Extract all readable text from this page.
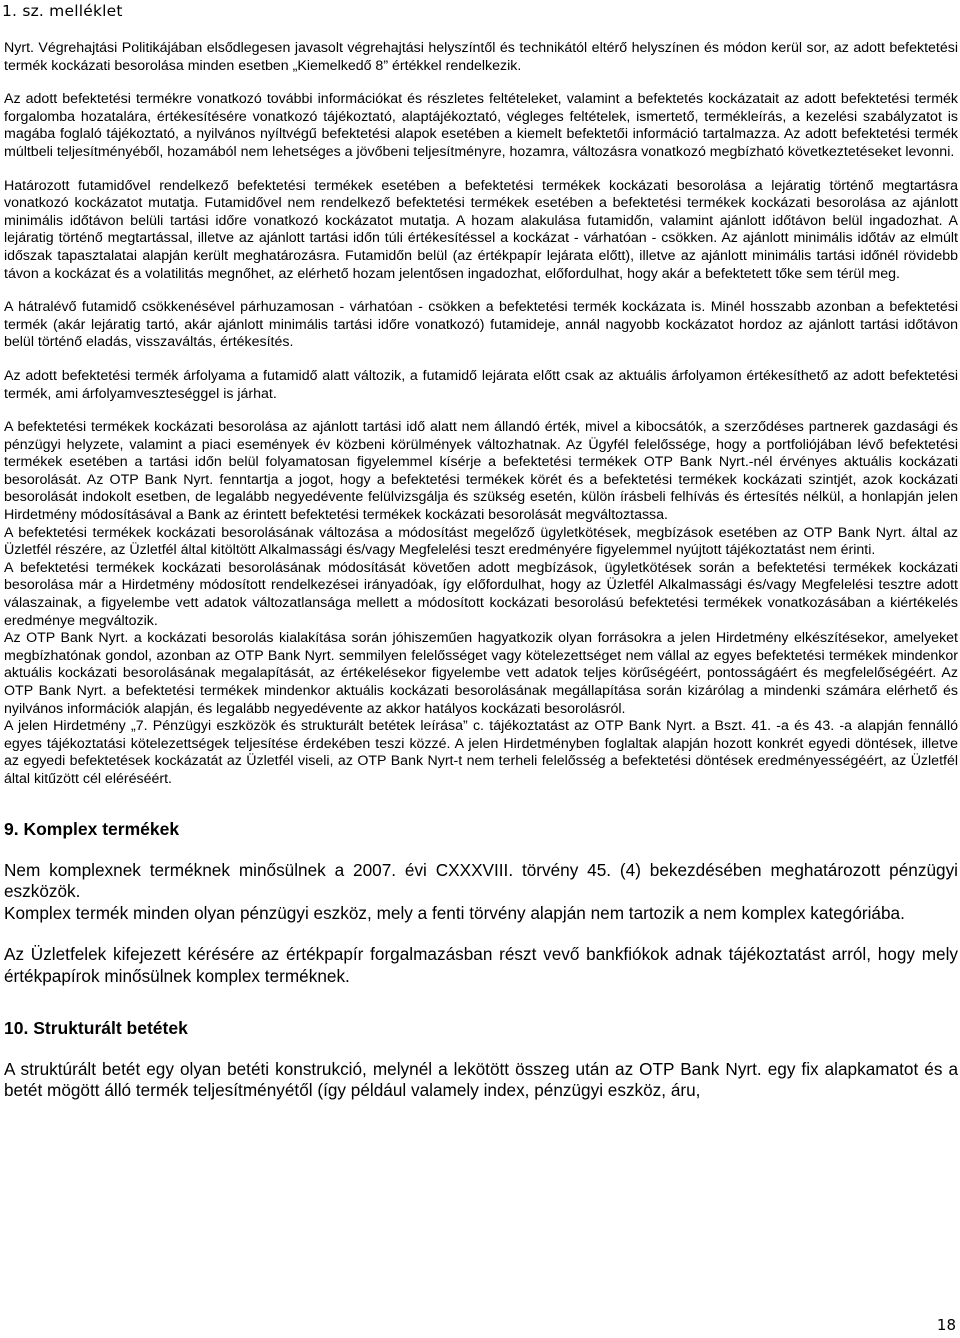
1. sz. melléklet

Nyrt. Végrehajtási Politikájában elsődlegesen javasolt végrehajtási helyszíntől és technikától eltérő helyszínen és módon kerül sor, az adott befektetési termék kockázati besorolása minden esetben „Kiemelkedő 8” értékkel rendelkezik.

Az adott befektetési termékre vonatkozó további információkat és részletes feltételeket, valamint a befektetés kockázatait az adott befektetési termék forgalomba hozatalára, értékesítésére vonatkozó tájékoztató, alaptájékoztató, végleges feltételek, ismertető, termékleírás, a kezelési szabályzatot is magába foglaló tájékoztató, a nyilvános nyíltvégű befektetési alapok esetében a kiemelt befektetői információ tartalmazza. Az adott befektetési termék múltbeli teljesítményéből, hozamából nem lehetséges a jövőbeni teljesítményre, hozamra, változásra vonatkozó megbízható következtetéseket levonni.

Határozott futamidővel rendelkező befektetési termékek esetében a befektetési termékek kockázati besorolása a lejáratig történő megtartásra vonatkozó kockázatot mutatja. Futamidővel nem rendelkező befektetési termékek esetében a befektetési termékek kockázati besorolása az ajánlott minimális időtávon belüli tartási időre vonatkozó kockázatot mutatja. A hozam alakulása futamidőn, valamint ajánlott időtávon belül ingadozhat. A lejáratig történő megtartással, illetve az ajánlott tartási időn túli értékesítéssel a kockázat - várhatóan - csökken. Az ajánlott minimális időtáv az elmúlt időszak tapasztalatai alapján került meghatározásra. Futamidőn belül (az értékpapír lejárata előtt), illetve az ajánlott minimális tartási időnél rövidebb távon a kockázat és a volatilitás megnőhet, az elérhető hozam jelentősen ingadozhat, előfordulhat, hogy akár a befektetett tőke sem térül meg.

A hátralévő futamidő csökkenésével párhuzamosan - várhatóan - csökken a befektetési termék kockázata is. Minél hosszabb azonban a befektetési termék (akár lejáratig tartó, akár ajánlott minimális tartási időre vonatkozó) futamideje, annál nagyobb kockázatot hordoz az ajánlott tartási időtávon belül történő eladás, visszaváltás, értékesítés.

Az adott befektetési termék árfolyama a futamidő alatt változik, a futamidő lejárata előtt csak az aktuális árfolyamon értékesíthető az adott befektetési termék, ami árfolyamveszteséggel is járhat.

A befektetési termékek kockázati besorolása az ajánlott tartási idő alatt nem állandó érték, mivel a kibocsátók, a szerződéses partnerek gazdasági és pénzügyi helyzete, valamint a piaci események év közbeni körülmények változhatnak. Az Ügyfél felelőssége, hogy a portfoliójában lévő befektetési termékek esetében a tartási időn belül folyamatosan figyelemmel kísérje a befektetési termékek OTP Bank Nyrt.-nél érvényes aktuális kockázati besorolását. Az OTP Bank Nyrt. fenntartja a jogot, hogy a befektetési termékek körét és a befektetési termékek kockázati szintjét, azok kockázati besorolását indokolt esetben, de legalább negyedévente felülvizsgálja és szükség esetén, külön írásbeli felhívás és értesítés nélkül, a honlapján jelen Hirdetmény módosításával a Bank az érintett befektetési termékek kockázati besorolását megváltoztassa.

A befektetési termékek kockázati besorolásának változása a módosítást megelőző ügyletkötések, megbízások esetében az OTP Bank Nyrt. által az Üzletfél részére, az Üzletfél által kitöltött Alkalmassági és/vagy Megfelelési teszt eredményére figyelemmel nyújtott tájékoztatást nem érinti.

A befektetési termékek kockázati besorolásának módosítását követően adott megbízások, ügyletkötések során a befektetési termékek kockázati besorolása már a Hirdetmény módosított rendelkezései irányadóak, így előfordulhat, hogy az Üzletfél Alkalmassági és/vagy Megfelelési tesztre adott válaszainak, a figyelembe vett adatok változatlansága mellett a módosított kockázati besorolású befektetési termékek vonatkozásában a kiértékelés eredménye megváltozik.

Az OTP Bank Nyrt. a kockázati besorolás kialakítása során jóhiszeműen hagyatkozik olyan forrásokra a jelen Hirdetmény elkészítésekor, amelyeket megbízhatónak gondol, azonban az OTP Bank Nyrt. semmilyen felelősséget vagy kötelezettséget nem vállal az egyes befektetési termékek mindenkor aktuális kockázati besorolásának megalapítását, az értékelésekor figyelembe vett adatok teljes körűségéért, pontosságáért és megfelelőségéért. Az OTP Bank Nyrt. a befektetési termékek mindenkor aktuális kockázati besorolásának megállapítása során kizárólag a mindenki számára elérhető és nyilvános információk alapján, és legalább negyedévente az akkor hatályos kockázati besorolásról.

A jelen Hirdetmény „7. Pénzügyi eszközök és strukturált betétek leírása” c. tájékoztatást az OTP Bank Nyrt. a Bszt. 41. -a és 43. -a alapján fennálló egyes tájékoztatási kötelezettségek teljesítése érdekében teszi közzé. A jelen Hirdetményben foglaltak alapján hozott konkrét egyedi döntések, illetve az egyedi befektetések kockázatát az Üzletfél viseli, az OTP Bank Nyrt-t nem terheli felelősség a befektetési döntések eredményességéért, az Üzletfél által kitűzött cél eléréséért.

9. Komplex termékek

Nem komplexnek terméknek minősülnek a 2007. évi CXXXVIII. törvény 45. (4) bekezdésében meghatározott pénzügyi eszközök.

Komplex termék minden olyan pénzügyi eszköz, mely a fenti törvény alapján nem tartozik a nem komplex kategóriába.

Az Üzletfelek kifejezett kérésére az értékpapír forgalmazásban részt vevő bankfiókok adnak tájékoztatást arról, hogy mely értékpapírok minősülnek komplex terméknek.

10. Strukturált betétek

A struktúrált betét egy olyan betéti konstrukció, melynél a lekötött összeg után az OTP Bank Nyrt. egy fix alapkamatot és a betét mögött álló termék teljesítményétől (így például valamely index, pénzügyi eszköz, áru,

18
